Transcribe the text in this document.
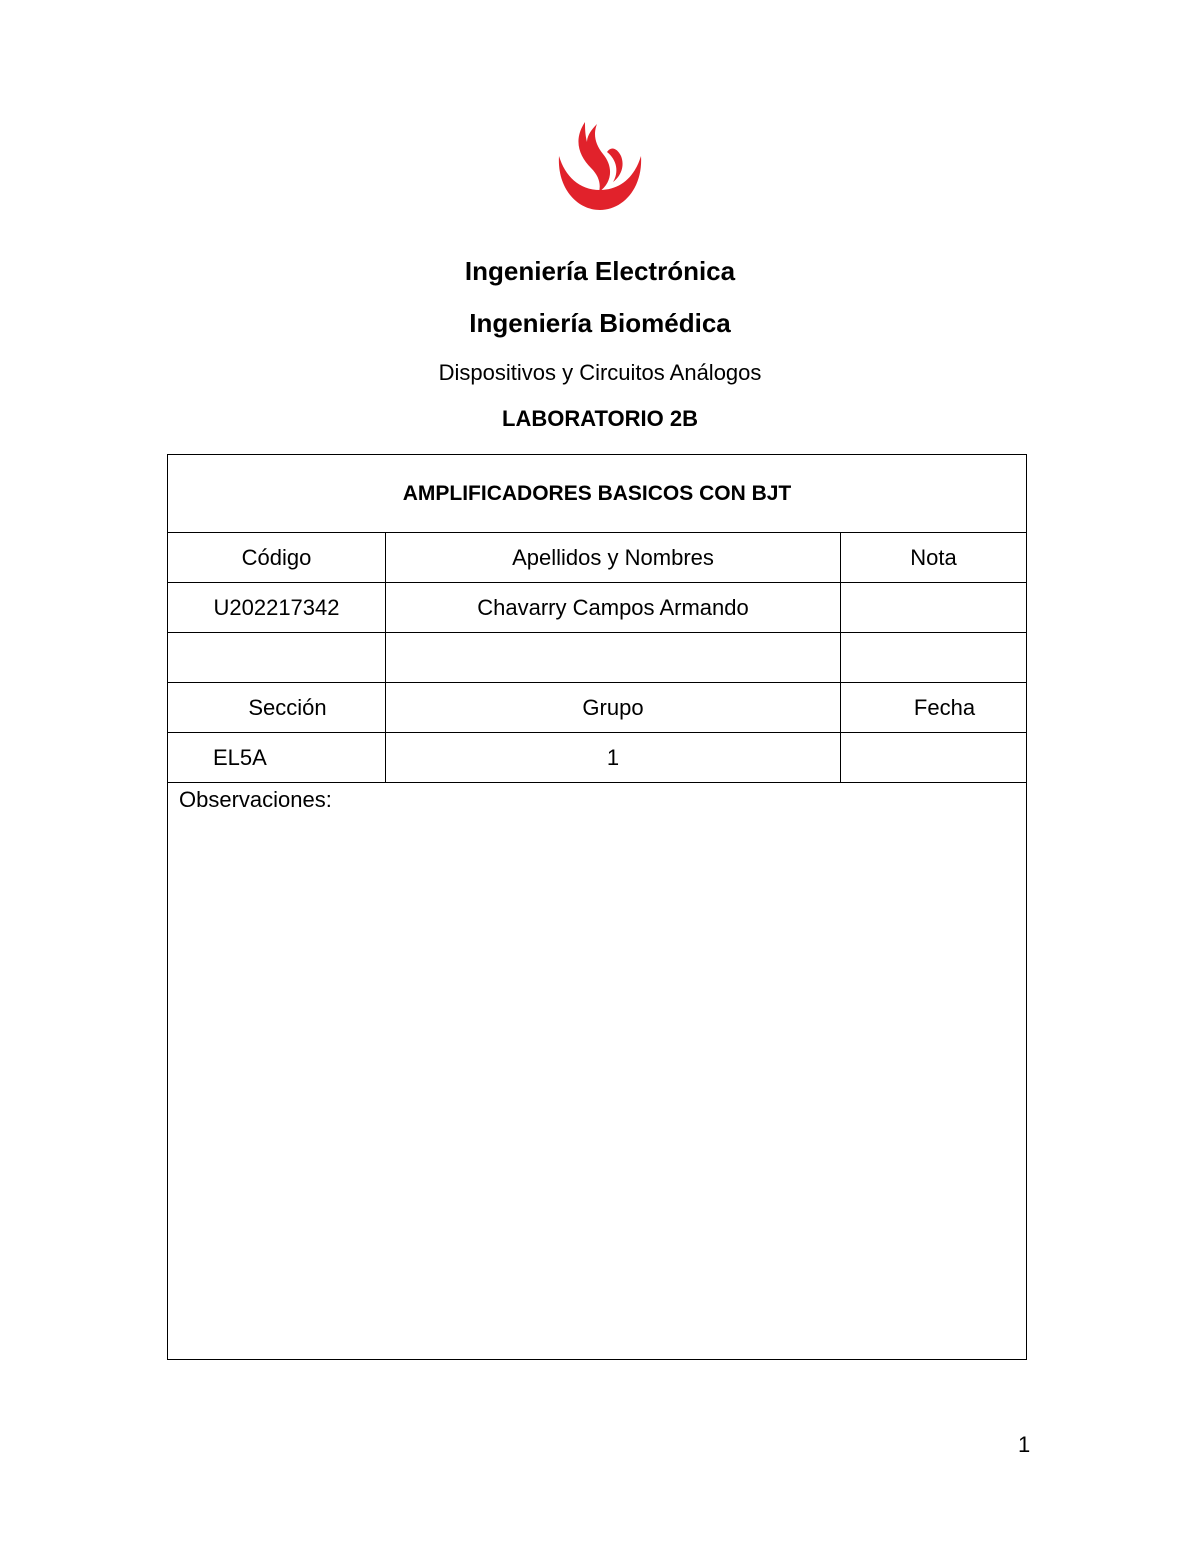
Ingeniería Electrónica
Ingeniería Biomédica
Dispositivos y Circuitos Análogos
LABORATORIO 2B
AMPLIFICADORES BASICOS CON BJT
Código	Apellidos y Nombres	Nota
U202217342	Chavarry Campos Armando
Sección	Grupo	Fecha
EL5A	1
Observaciones:
1
